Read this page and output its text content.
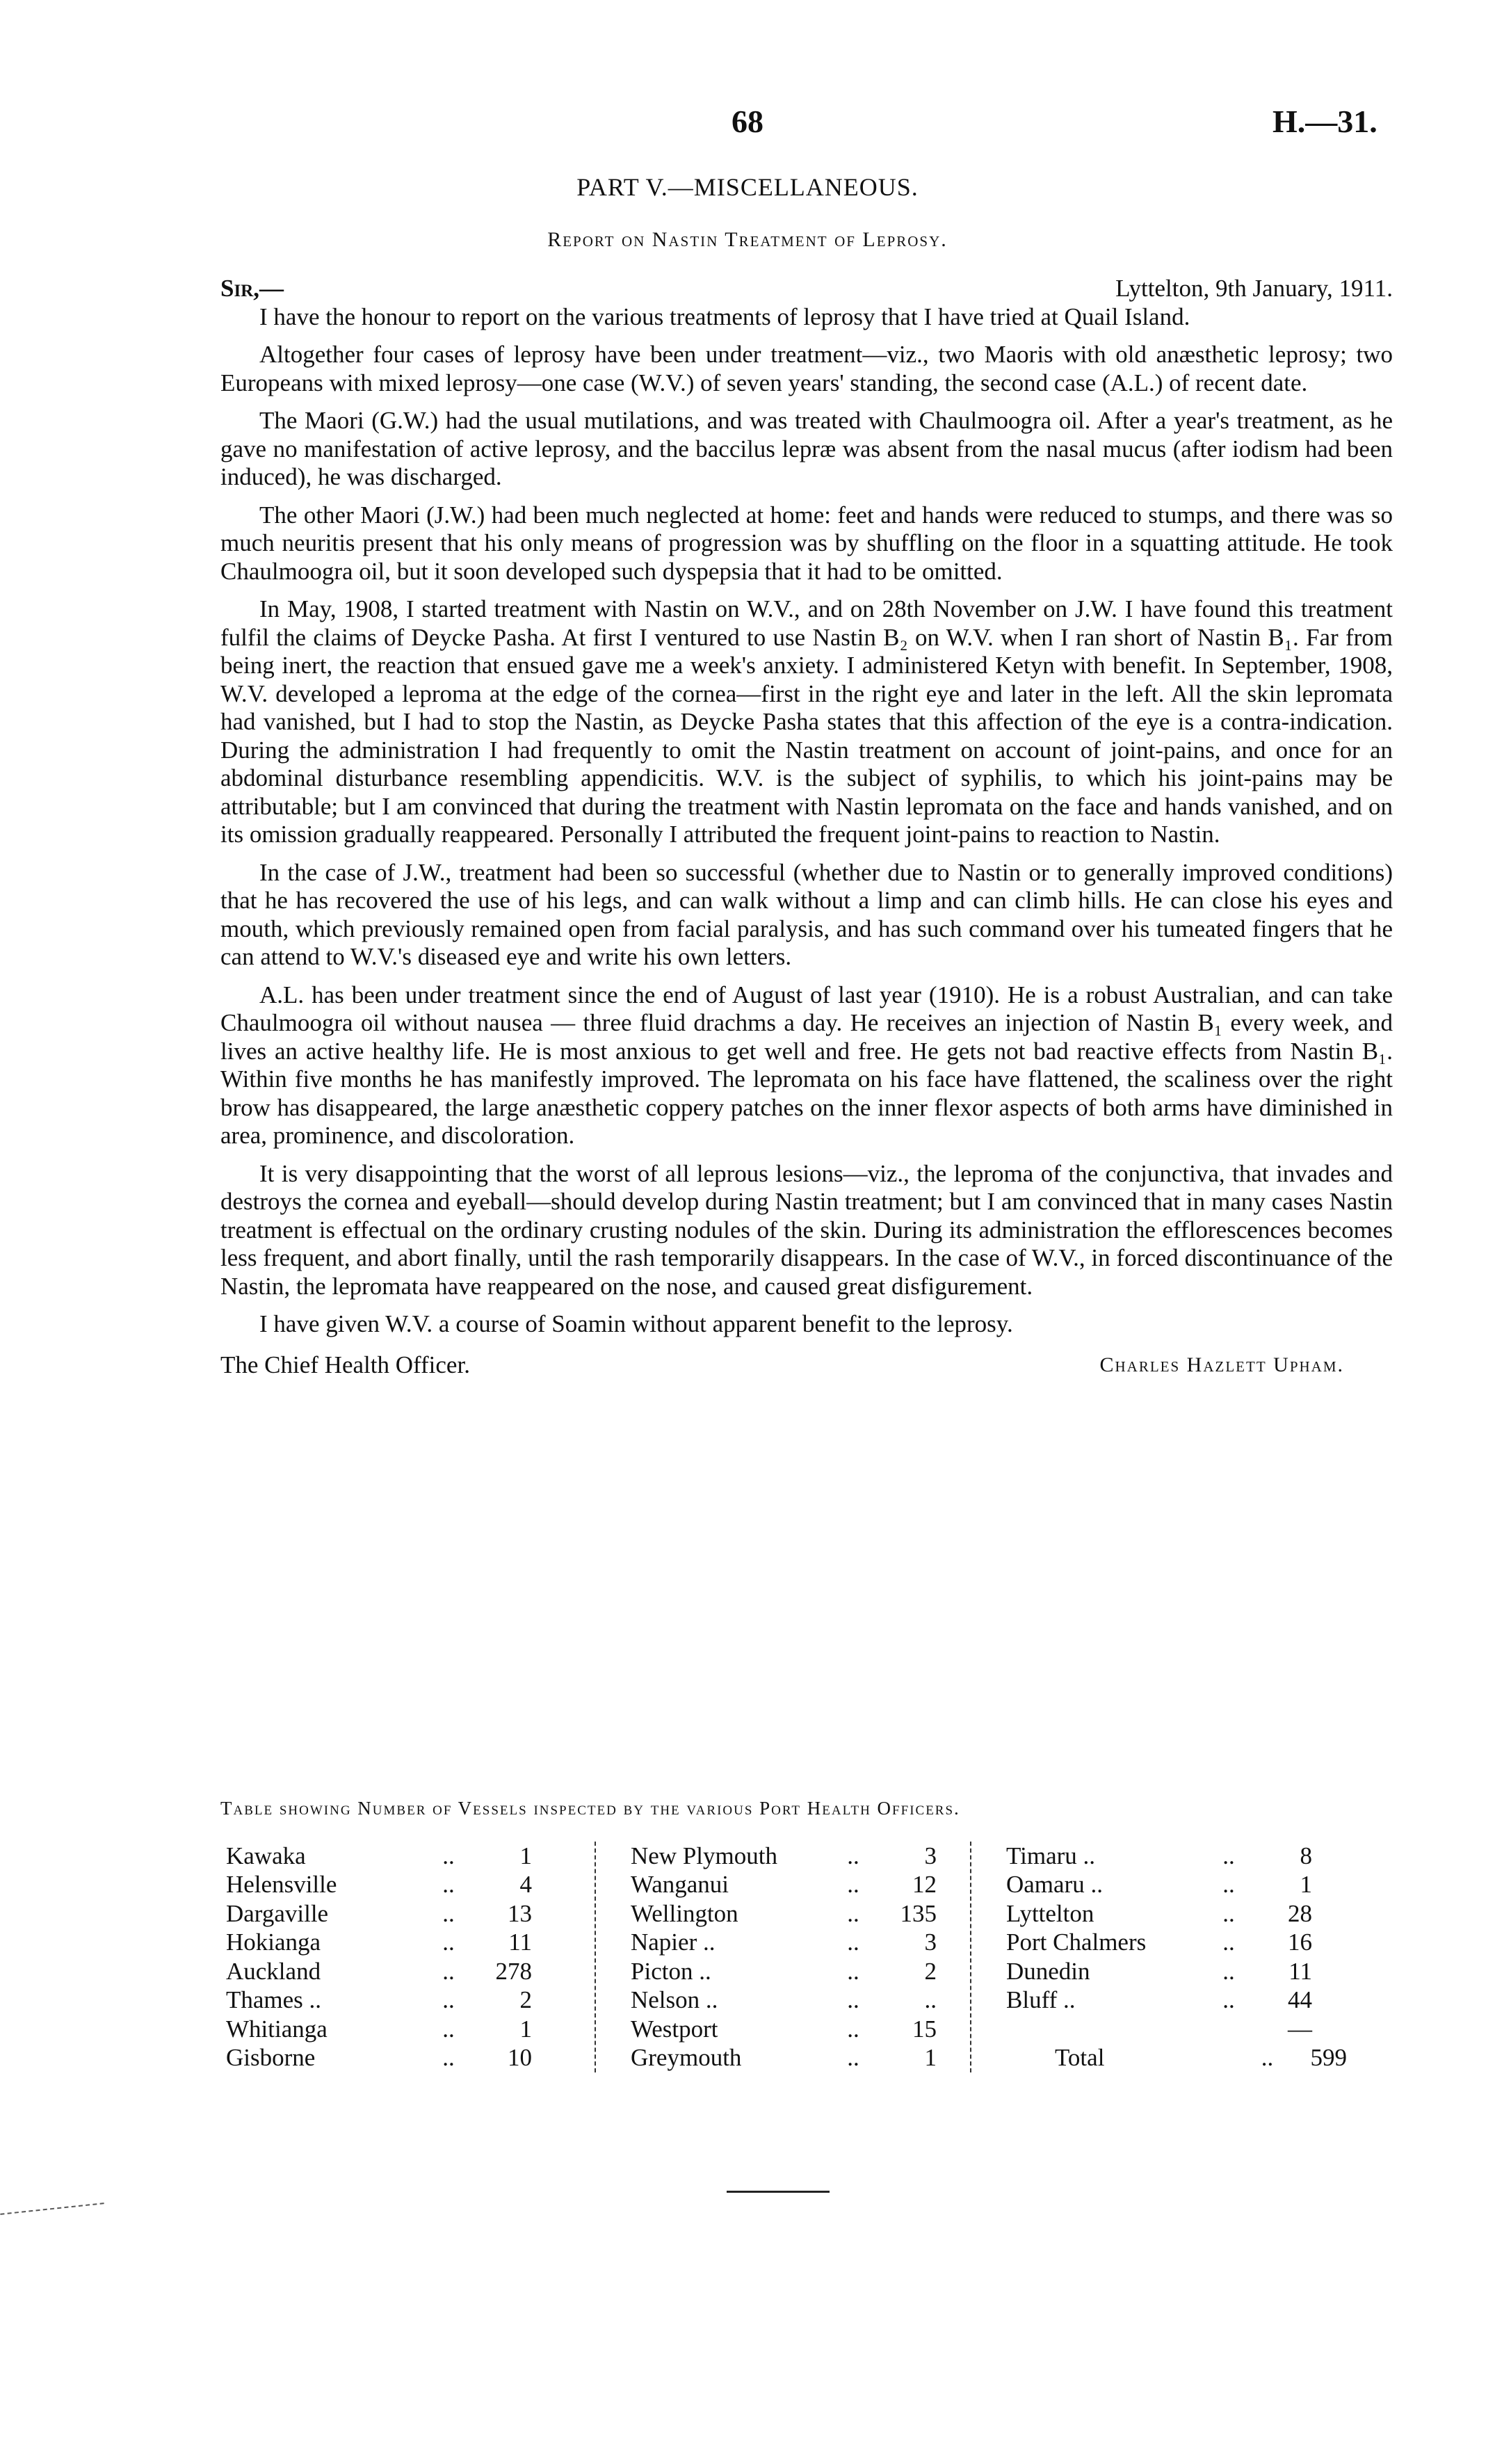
68	H.—31.
PART V.—MISCELLANEOUS.
Report on Nastin Treatment of Leprosy.
Sir,—	Lyttelton, 9th January, 1911.

I have the honour to report on the various treatments of leprosy that I have tried at Quail Island.

Altogether four cases of leprosy have been under treatment—viz., two Maoris with old anæsthetic leprosy; two Europeans with mixed leprosy—one case (W.V.) of seven years' standing, the second case (A.L.) of recent date.

The Maori (G.W.) had the usual mutilations, and was treated with Chaulmoogra oil. After a year's treatment, as he gave no manifestation of active leprosy, and the baccilus lepræ was absent from the nasal mucus (after iodism had been induced), he was discharged.

The other Maori (J.W.) had been much neglected at home: feet and hands were reduced to stumps, and there was so much neuritis present that his only means of progression was by shuffling on the floor in a squatting attitude. He took Chaulmoogra oil, but it soon developed such dyspepsia that it had to be omitted.

In May, 1908, I started treatment with Nastin on W.V., and on 28th November on J.W. I have found this treatment fulfil the claims of Deycke Pasha. At first I ventured to use Nastin B₂ on W.V. when I ran short of Nastin B₁. Far from being inert, the reaction that ensued gave me a week's anxiety. I administered Ketyn with benefit. In September, 1908, W.V. developed a leproma at the edge of the cornea—first in the right eye and later in the left. All the skin lepromata had vanished, but I had to stop the Nastin, as Deycke Pasha states that this affection of the eye is a contra-indication. During the administration I had frequently to omit the Nastin treatment on account of joint-pains, and once for an abdominal disturbance resembling appendicitis. W.V. is the subject of syphilis, to which his joint-pains may be attributable; but I am convinced that during the treatment with Nastin lepromata on the face and hands vanished, and on its omission gradually reappeared. Personally I attributed the frequent joint-pains to reaction to Nastin.

In the case of J.W., treatment had been so successful (whether due to Nastin or to generally improved conditions) that he has recovered the use of his legs, and can walk without a limp and can climb hills. He can close his eyes and mouth, which previously remained open from facial paralysis, and has such command over his tumeated fingers that he can attend to W.V.'s diseased eye and write his own letters.

A.L. has been under treatment since the end of August of last year (1910). He is a robust Australian, and can take Chaulmoogra oil without nausea — three fluid drachms a day. He receives an injection of Nastin B₁ every week, and lives an active healthy life. He is most anxious to get well and free. He gets not bad reactive effects from Nastin B₁. Within five months he has manifestly improved. The lepromata on his face have flattened, the scaliness over the right brow has disappeared, the large anæsthetic coppery patches on the inner flexor aspects of both arms have diminished in area, prominence, and discoloration.

It is very disappointing that the worst of all leprous lesions—viz., the leproma of the conjunctiva, that invades and destroys the cornea and eyeball—should develop during Nastin treatment; but I am convinced that in many cases Nastin treatment is effectual on the ordinary crusting nodules of the skin. During its administration the efflorescences becomes less frequent, and abort finally, until the rash temporarily disappears. In the case of W.V., in forced discontinuance of the Nastin, the lepromata have reappeared on the nose, and caused great disfigurement.

I have given W.V. a course of Soamin without apparent benefit to the leprosy.

The Chief Health Officer.	Charles Hazlett Upham.
Table showing Number of Vessels inspected by the various Port Health Officers.
Kawaka	..	1
Helensville	..	4
Dargaville	..	13
Hokianga	..	11
Auckland	..	278
Thames ..	..	2
Whitianga	..	1
Gisborne	..	10
New Plymouth	..	3
Wanganui	..	12
Wellington	..	135
Napier ..	..	3
Picton ..	..	2
Nelson ..	..	..
Westport	..	15
Greymouth	..	1
Timaru ..	..	8
Oamaru ..	..	1
Lyttelton	..	28
Port Chalmers	..	16
Dunedin	..	11
Bluff ..	..	44
—
Total	..	599
